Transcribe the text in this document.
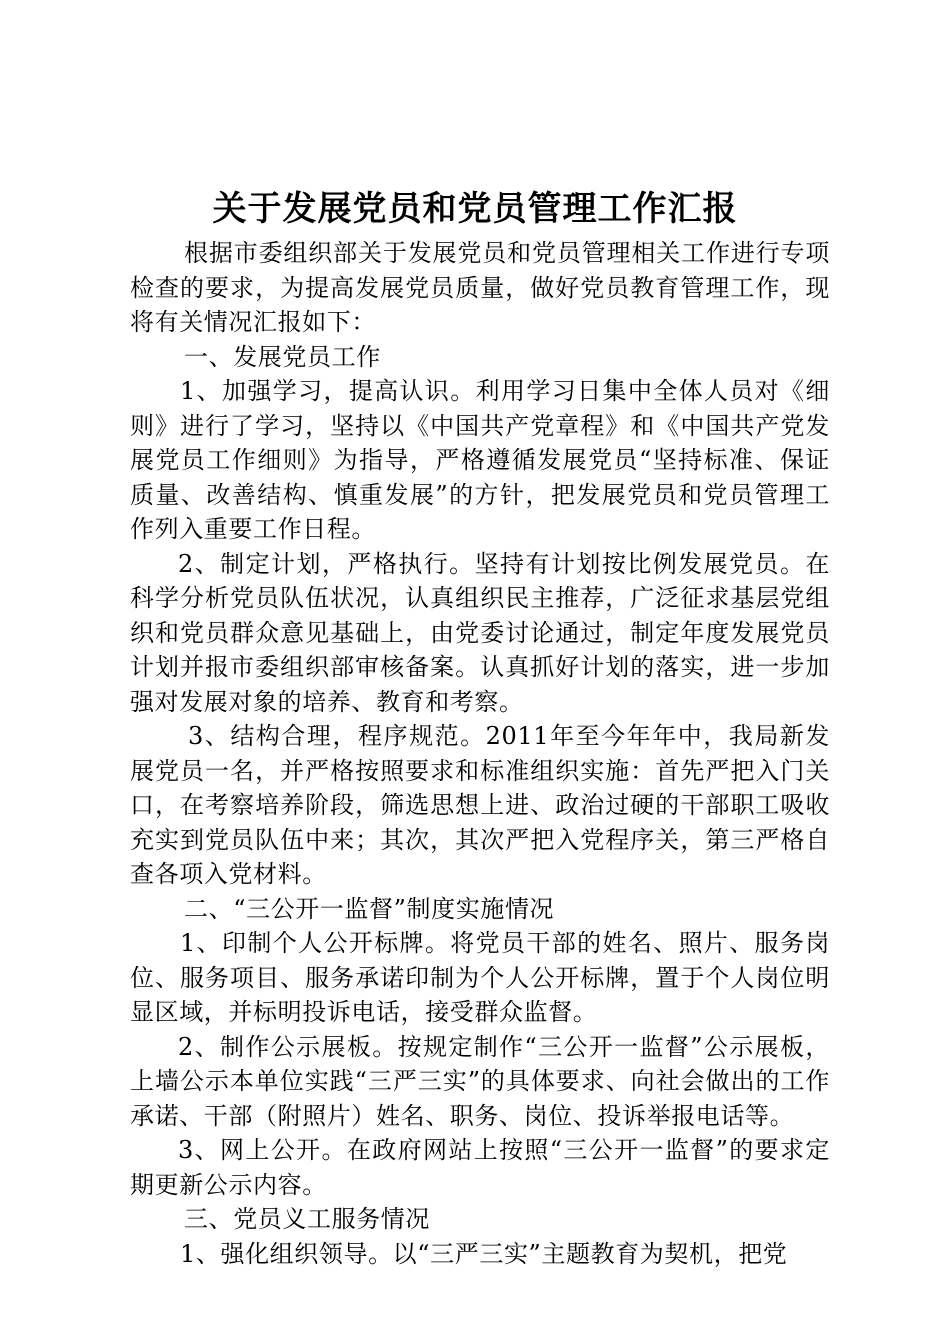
关于发展党员和党员管理工作汇报

根据市委组织部关于发展党员和党员管理相关工作进行专项检查的要求，为提高发展党员质量，做好党员教育管理工作，现将有关情况汇报如下：

一、发展党员工作

1、加强学习，提高认识。利用学习日集中全体人员对《细则》进行了学习，坚持以《中国共产党章程》和《中国共产党发展党员工作细则》为指导，严格遵循发展党员“坚持标准、保证质量、改善结构、慎重发展”的方针，把发展党员和党员管理工作列入重要工作日程。

2、制定计划，严格执行。坚持有计划按比例发展党员。在科学分析党员队伍状况，认真组织民主推荐，广泛征求基层党组织和党员群众意见基础上，由党委讨论通过，制定年度发展党员计划并报市委组织部审核备案。认真抓好计划的落实，进一步加强对发展对象的培养、教育和考察。

3、结构合理，程序规范。2011年至今年年中，我局新发展党员一名，并严格按照要求和标准组织实施：首先严把入门关口，在考察培养阶段，筛选思想上进、政治过硬的干部职工吸收充实到党员队伍中来；其次，其次严把入党程序关，第三严格自查各项入党材料。

二、“三公开一监督”制度实施情况

1、印制个人公开标牌。将党员干部的姓名、照片、服务岗位、服务项目、服务承诺印制为个人公开标牌，置于个人岗位明显区域，并标明投诉电话，接受群众监督。

2、制作公示展板。按规定制作“三公开一监督”公示展板，上墙公示本单位实践“三严三实”的具体要求、向社会做出的工作承诺、干部（附照片）姓名、职务、岗位、投诉举报电话等。

3、网上公开。在政府网站上按照“三公开一监督”的要求定期更新公示内容。

三、党员义工服务情况

1、强化组织领导。以“三严三实”主题教育为契机，把党
